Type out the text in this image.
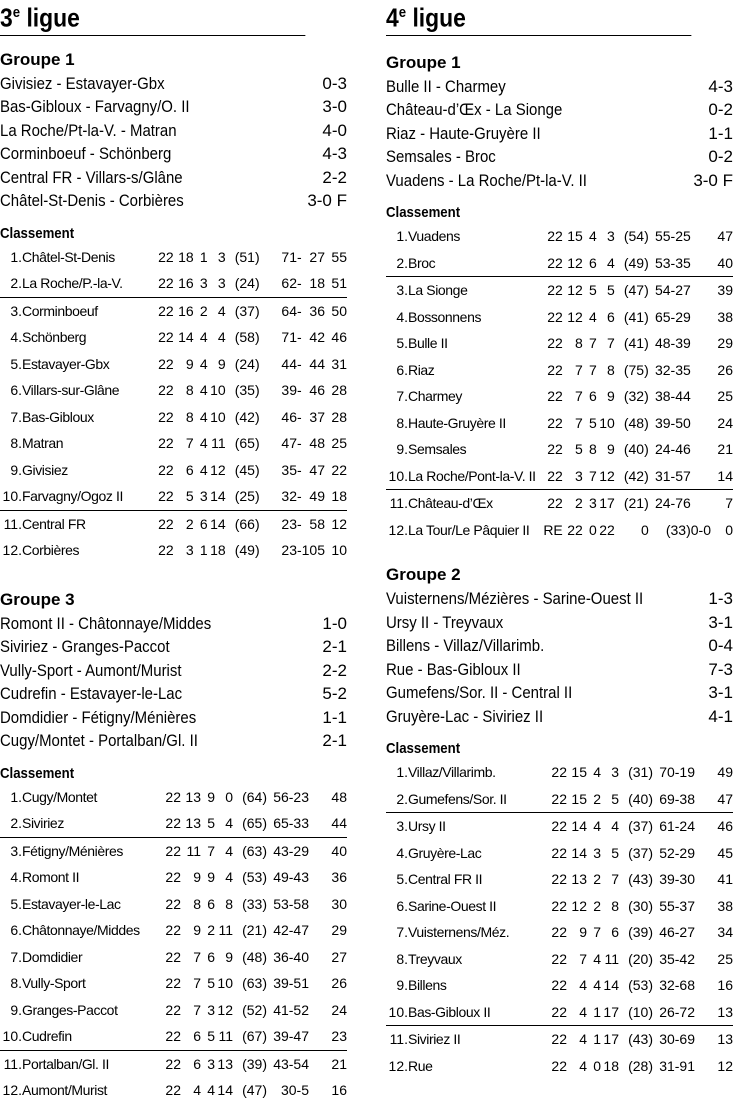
3e ligue
Groupe 1
Givisiez - Estavayer-Gbx	0-3
Bas-Gibloux - Farvagny/O. II	3-0
La Roche/Pt-la-V. - Matran	4-0
Corminboeuf - Schönberg	4-3
Central FR - Villars-s/Glâne	2-2
Châtel-St-Denis - Corbières	3-0 F
Classement
1.	Châtel-St-Denis	22	18	1	3	(51)	71-	27	55
2.	La Roche/P.-la-V.	22	16	3	3	(24)	62-	18	51
3.	Corminboeuf	22	16	2	4	(37)	64-	36	50
4.	Schönberg	22	14	4	4	(58)	71-	42	46
5.	Estavayer-Gbx	22	9	4	9	(24)	44-	44	31
6.	Villars-sur-Glâne	22	8	4	10	(35)	39-	46	28
7.	Bas-Gibloux	22	8	4	10	(42)	46-	37	28
8.	Matran	22	7	4	11	(65)	47-	48	25
9.	Givisiez	22	6	4	12	(45)	35-	47	22
10.	Farvagny/Ogoz II	22	5	3	14	(25)	32-	49	18
11.	Central FR	22	2	6	14	(66)	23-	58	12
12.	Corbières	22	3	1	18	(49)	23-	105	10
Groupe 3
Romont II - Châtonnaye/Middes	1-0
Siviriez - Granges-Paccot	2-1
Vully-Sport - Aumont/Murist	2-2
Cudrefin - Estavayer-le-Lac	5-2
Domdidier - Fétigny/Ménières	1-1
Cugy/Montet - Portalban/Gl. II	2-1
Classement
1.	Cugy/Montet	22	13	9	0	(64)	56-23		48
2.	Siviriez	22	13	5	4	(65)	65-33		44
3.	Fétigny/Ménières	22	11	7	4	(63)	43-29		40
4.	Romont II	22	9	9	4	(53)	49-43		36
5.	Estavayer-le-Lac	22	8	6	8	(33)	53-58		30
6.	Châtonnaye/Middes	22	9	2	11	(21)	42-47		29
7.	Domdidier	22	7	6	9	(48)	36-40		27
8.	Vully-Sport	22	7	5	10	(63)	39-51		26
9.	Granges-Paccot	22	7	3	12	(52)	41-52		24
10.	Cudrefin	22	6	5	11	(67)	39-47		23
11.	Portalban/Gl. II	22	6	3	13	(39)	43-54		21
12.	Aumont/Murist	22	4	4	14	(47)	30-5		16
4e ligue
Groupe 1
Bulle II - Charmey	4-3
Château-d’Œx - La Sionge	0-2
Riaz - Haute-Gruyère II	1-1
Semsales - Broc	0-2
Vuadens - La Roche/Pt-la-V. II	3-0 F
Classement
1.	Vuadens	22	15	4	3	(54)	55-25		47
2.	Broc	22	12	6	4	(49)	53-35		40
3.	La Sionge	22	12	5	5	(47)	54-27		39
4.	Bossonnens	22	12	4	6	(41)	65-29		38
5.	Bulle II	22	8	7	7	(41)	48-39		29
6.	Riaz	22	7	7	8	(75)	32-35		26
7.	Charmey	22	7	6	9	(32)	38-44		25
8.	Haute-Gruyère II	22	7	5	10	(48)	39-50		24
9.	Semsales	22	5	8	9	(40)	24-46		21
10.	La Roche/Pont-la-V. II	22	3	7	12	(42)	31-57		14
11.	Château-d’Œx	22	2	3	17	(21)	24-76		7
12.	La Tour/Le Pâquier II	RE	22	0	22	0	(33)	0-0	0
Groupe 2
Vuisternens/Mézières - Sarine-Ouest II	1-3
Ursy II - Treyvaux	3-1
Billens - Villaz/Villarimb.	0-4
Rue - Bas-Gibloux II	7-3
Gumefens/Sor. II - Central II	3-1
Gruyère-Lac - Siviriez II	4-1
Classement
1.	Villaz/Villarimb.	22	15	4	3	(31)	70-19		49
2.	Gumefens/Sor. II	22	15	2	5	(40)	69-38		47
3.	Ursy II	22	14	4	4	(37)	61-24		46
4.	Gruyère-Lac	22	14	3	5	(37)	52-29		45
5.	Central FR II	22	13	2	7	(43)	39-30		41
6.	Sarine-Ouest II	22	12	2	8	(30)	55-37		38
7.	Vuisternens/Méz.	22	9	7	6	(39)	46-27		34
8.	Treyvaux	22	7	4	11	(20)	35-42		25
9.	Billens	22	4	4	14	(53)	32-68		16
10.	Bas-Gibloux II	22	4	1	17	(10)	26-72		13
11.	Siviriez II	22	4	1	17	(43)	30-69		13
12.	Rue	22	4	0	18	(28)	31-91		12
